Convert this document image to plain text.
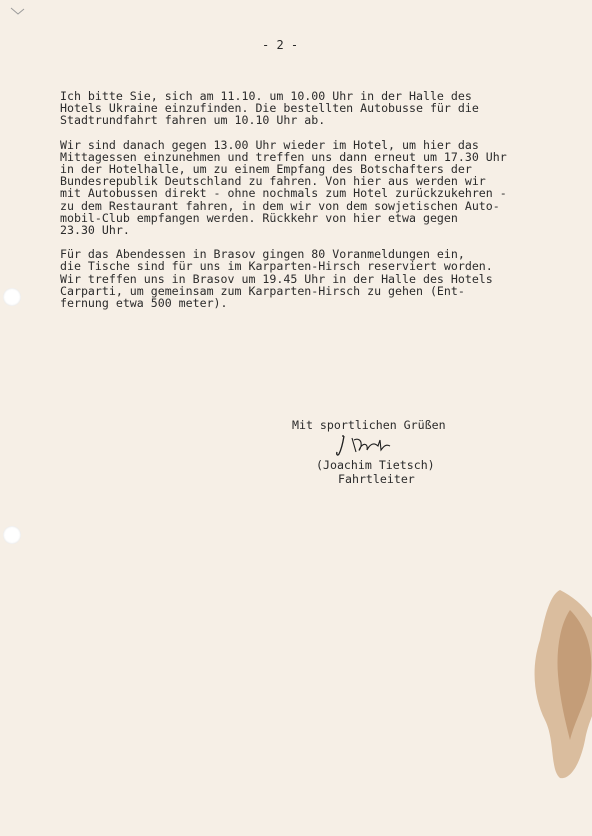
- 2 -
Ich bitte Sie, sich am 11.10. um 10.00 Uhr in der Halle des
Hotels Ukraine einzufinden. Die bestellten Autobusse für die
Stadtrundfahrt fahren um 10.10 Uhr ab.
Wir sind danach gegen 13.00 Uhr wieder im Hotel, um hier das
Mittagessen einzunehmen und treffen uns dann erneut um 17.30 Uhr
in der Hotelhalle, um zu einem Empfang des Botschafters der
Bundesrepublik Deutschland zu fahren. Von hier aus werden wir
mit Autobussen direkt - ohne nochmals zum Hotel zurückzukehren -
zu dem Restaurant fahren, in dem wir von dem sowjetischen Auto-
mobil-Club empfangen werden. Rückkehr von hier etwa gegen
23.30 Uhr.
Für das Abendessen in Brasov gingen 80 Voranmeldungen ein,
die Tische sind für uns im Karparten-Hirsch reserviert worden.
Wir treffen uns in Brasov um 19.45 Uhr in der Halle des Hotels
Carparti, um gemeinsam zum Karparten-Hirsch zu gehen (Ent-
fernung etwa 500 meter).
Mit sportlichen Grüßen
(Joachim Tietsch)
Fahrtleiter
